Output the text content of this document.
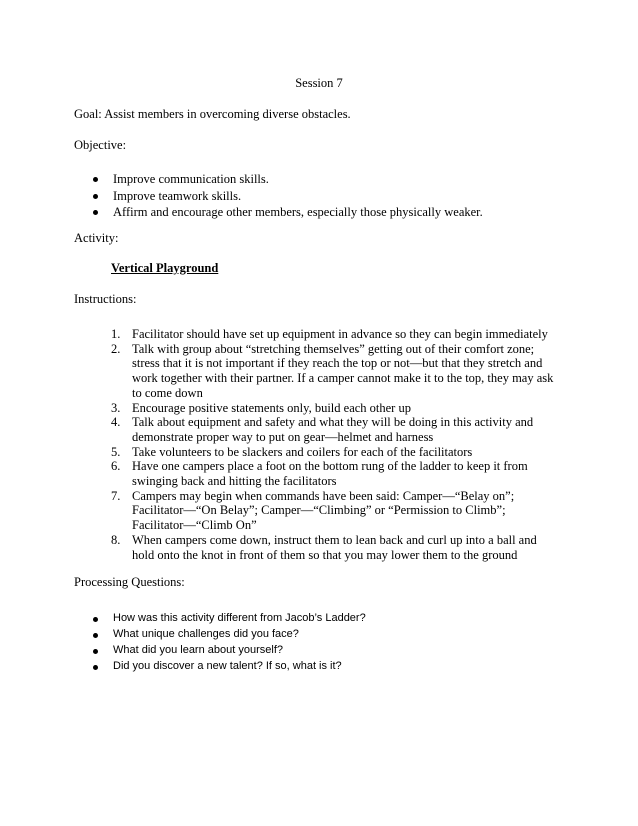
Session 7
Goal: Assist members in overcoming diverse obstacles.
Objective:
Improve communication skills.
Improve teamwork skills.
Affirm and encourage other members, especially those physically weaker.
Activity:
Vertical Playground
Instructions:
1. Facilitator should have set up equipment in advance so they can begin immediately
2. Talk with group about “stretching themselves” getting out of their comfort zone;
stress that it is not important if they reach the top or not—but that they stretch and
work together with their partner. If a camper cannot make it to the top, they may ask
to come down
3. Encourage positive statements only, build each other up
4. Talk about equipment and safety and what they will be doing in this activity and
demonstrate proper way to put on gear—helmet and harness
5. Take volunteers to be slackers and coilers for each of the facilitators
6. Have one campers place a foot on the bottom rung of the ladder to keep it from
swinging back and hitting the facilitators
7. Campers may begin when commands have been said: Camper—“Belay on”;
Facilitator—“On Belay”; Camper—“Climbing” or “Permission to Climb”;
Facilitator—“Climb On”
8. When campers come down, instruct them to lean back and curl up into a ball and
hold onto the knot in front of them so that you may lower them to the ground
Processing Questions:
How was this activity different from Jacob’s Ladder?
What unique challenges did you face?
What did you learn about yourself?
Did you discover a new talent? If so, what is it?
